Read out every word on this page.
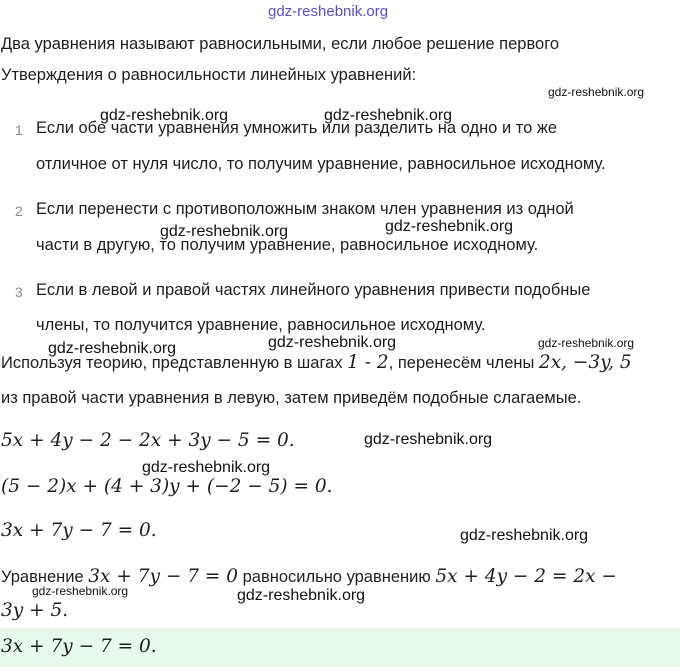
gdz-reshebnik.org
Два уравнения называют равносильными, если любое решение первого
Утверждения о равносильности линейных уравнений:
gdz-reshebnik.org
gdz-reshebnik.org	gdz-reshebnik.org
1 Если обе части уравнения умножить или разделить на одно и то же
отличное от нуля число, то получим уравнение, равносильное исходному.
2 Если перенести с противоположным знаком член уравнения из одной
части в другую, то получим уравнение, равносильное исходному.
gdz-reshebnik.org	gdz-reshebnik.org
3 Если в левой и правой частях линейного уравнения привести подобные
члены, то получится уравнение, равносильное исходному.
gdz-reshebnik.org	gdz-reshebnik.org
gdz-reshebnik.org
Используя теорию, представленную в шагах 1 - 2, перенесём члены 2x, −3y, 5
из правой части уравнения в левую, затем приведём подобные слагаемые.
5x + 4y − 2 − 2x + 3y − 5 = 0.	gdz-reshebnik.org
gdz-reshebnik.org
(5 − 2)x + (4 + 3)y + (−2 − 5) = 0.
3x + 7y − 7 = 0.	gdz-reshebnik.org
Уравнение 3x + 7y − 7 = 0 равносильно уравнению 5x + 4y − 2 = 2x −
gdz-reshebnik.org	gdz-reshebnik.org
3y + 5.
3x + 7y − 7 = 0.
